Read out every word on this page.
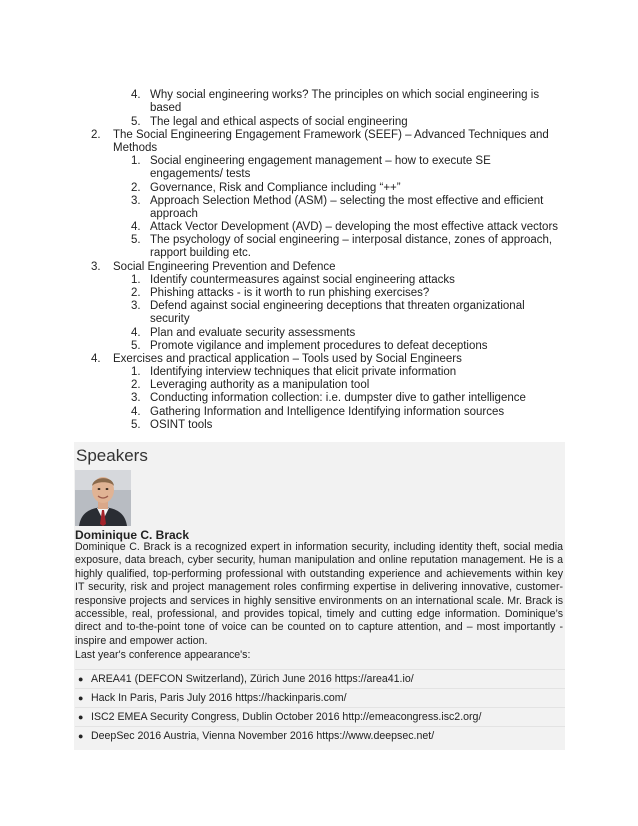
4. Why social engineering works? The principles on which social engineering is
based
5. The legal and ethical aspects of social engineering
2. The Social Engineering Engagement Framework (SEEF) – Advanced Techniques and
Methods
1. Social engineering engagement management – how to execute SE
engagements/ tests
2. Governance, Risk and Compliance including “++”
3. Approach Selection Method (ASM) – selecting the most effective and efficient
approach
4. Attack Vector Development (AVD) – developing the most effective attack vectors
5. The psychology of social engineering – interposal distance, zones of approach,
rapport building etc.
3. Social Engineering Prevention and Defence
1. Identify countermeasures against social engineering attacks
2. Phishing attacks - is it worth to run phishing exercises?
3. Defend against social engineering deceptions that threaten organizational
security
4. Plan and evaluate security assessments
5. Promote vigilance and implement procedures to defeat deceptions
4. Exercises and practical application – Tools used by Social Engineers
1. Identifying interview techniques that elicit private information
2. Leveraging authority as a manipulation tool
3. Conducting information collection: i.e. dumpster dive to gather intelligence
4. Gathering Information and Intelligence Identifying information sources
5. OSINT tools
Speakers
Dominique C. Brack
Dominique C. Brack is a recognized expert in information security, including identity theft, social media exposure, data breach, cyber security, human manipulation and online reputation management. He is a highly qualified, top-performing professional with outstanding experience and achievements within key IT security, risk and project management roles confirming expertise in delivering innovative, customer-responsive projects and services in highly sensitive environments on an international scale. Mr. Brack is accessible, real, professional, and provides topical, timely and cutting edge information. Dominique’s direct and to-the-point tone of voice can be counted on to capture attention, and – most importantly - inspire and empower action.
Last year's conference appearance's:
● AREA41 (DEFCON Switzerland), Zürich June 2016 https://area41.io/
● Hack In Paris, Paris July 2016 https://hackinparis.com/
● ISC2 EMEA Security Congress, Dublin October 2016 http://emeacongress.isc2.org/
● DeepSec 2016 Austria, Vienna November 2016 https://www.deepsec.net/
